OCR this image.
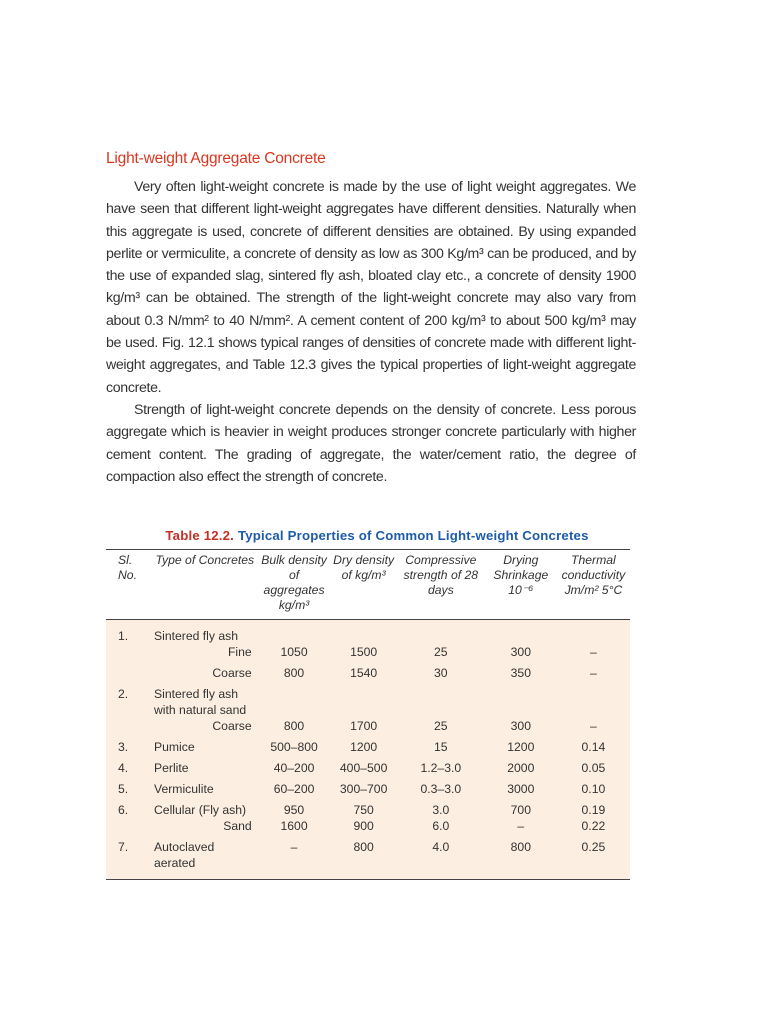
Light-weight Aggregate Concrete

Very often light-weight concrete is made by the use of light weight aggregates. We have seen that different light-weight aggregates have different densities. Naturally when this aggregate is used, concrete of different densities are obtained. By using expanded perlite or vermiculite, a concrete of density as low as 300 Kg/m³ can be produced, and by the use of expanded slag, sintered fly ash, bloated clay etc., a concrete of density 1900 kg/m³ can be obtained. The strength of the light-weight concrete may also vary from about 0.3 N/mm² to 40 N/mm². A cement content of 200 kg/m³ to about 500 kg/m³ may be used. Fig. 12.1 shows typical ranges of densities of concrete made with different light-weight aggregates, and Table 12.3 gives the typical properties of light-weight aggregate concrete.

Strength of light-weight concrete depends on the density of concrete. Less porous aggregate which is heavier in weight produces stronger concrete particularly with higher cement content. The grading of aggregate, the water/cement ratio, the degree of compaction also effect the strength of concrete.

Table 12.2. Typical Properties of Common Light-weight Concretes
Sl. No.	Type of Concretes	Bulk density of aggregates kg/m³	Dry density of kg/m³	Compressive strength of 28 days	Drying Shrinkage 10⁻⁶	Thermal conductivity Jm/m² 5°C
1.	Sintered fly ash					

	Fine	1050	1500	25	300	–

	Coarse	800	1540	30	350	–
2.	Sintered fly ash with natural sand					

	Coarse	800	1700	25	300	–
3.	Pumice	500–800	1200	15	1200	0.14
4.	Perlite	40–200	400–500	1.2–3.0	2000	0.05
5.	Vermiculite	60–200	300–700	0.3–3.0	3000	0.10
6.	Cellular (Fly ash)	950	750	3.0	700	0.19

	Sand	1600	900	6.0	–	0.22
7.	Autoclaved aerated	–	800	4.0	800	0.25
